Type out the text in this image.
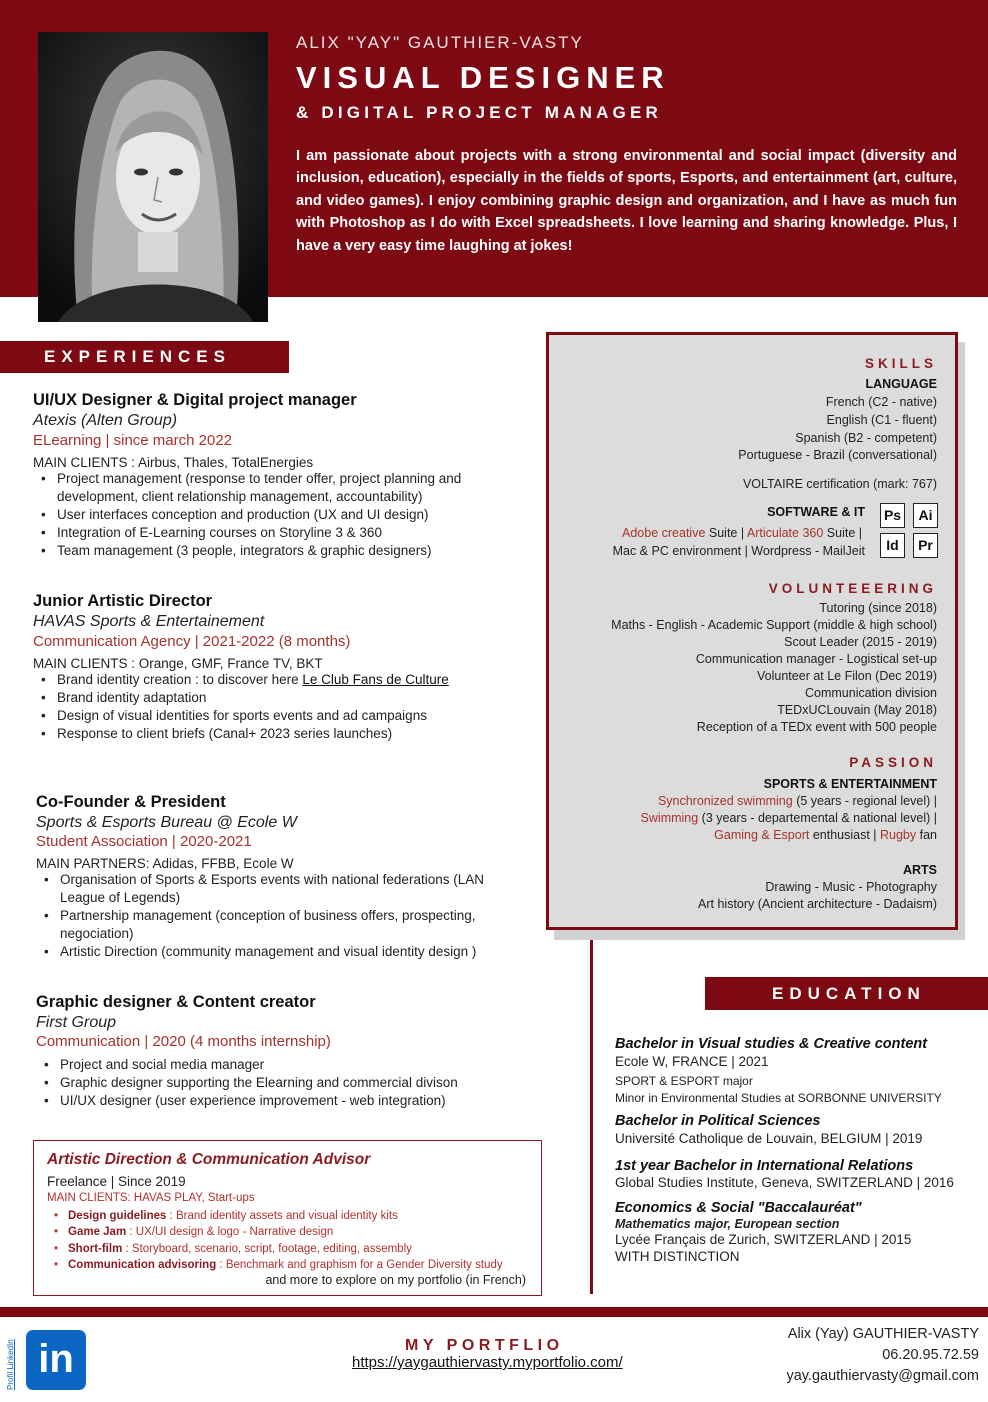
ALIX "YAY" GAUTHIER-VASTY
VISUAL DESIGNER
& DIGITAL PROJECT MANAGER
I am passionate about projects with a strong environmental and social impact (diversity and inclusion, education), especially in the fields of sports, Esports, and entertainment (art, culture, and video games). I enjoy combining graphic design and organization, and I have as much fun with Photoshop as I do with Excel spreadsheets. I love learning and sharing knowledge. Plus, I have a very easy time laughing at jokes!
EXPERIENCES
UI/UX Designer & Digital project manager
Atexis (Alten Group)
ELearning | since march 2022
MAIN CLIENTS : Airbus, Thales, TotalEnergies
• Project management (response to tender offer, project planning and development, client relationship management, accountability)
• User interfaces conception and production (UX and UI design)
• Integration of E-Learning courses on Storyline 3 & 360
• Team management (3 people, integrators & graphic designers)
Junior Artistic Director
HAVAS Sports & Entertainement
Communication Agency | 2021-2022 (8 months)
MAIN CLIENTS : Orange, GMF, France TV, BKT
• Brand identity creation : to discover here Le Club Fans de Culture
• Brand identity adaptation
• Design of visual identities for sports events and ad campaigns
• Response to client briefs (Canal+ 2023 series launches)
Co-Founder & President
Sports & Esports Bureau @ Ecole W
Student Association | 2020-2021
MAIN PARTNERS: Adidas, FFBB, Ecole W
• Organisation of Sports & Esports events with national federations (LAN League of Legends)
• Partnership management (conception of business offers, prospecting, negociation)
• Artistic Direction (community management and visual identity design )
Graphic designer & Content creator
First Group
Communication | 2020 (4 months internship)
• Project and social media manager
• Graphic designer supporting the Elearning and commercial divison
• UI/UX designer (user experience improvement - web integration)
Artistic Direction & Communication Advisor
Freelance | Since 2019
MAIN CLIENTS: HAVAS PLAY, Start-ups
• Design guidelines : Brand identity assets and visual identity kits
• Game Jam : UX/UI design & logo - Narrative design
• Short-film : Storyboard, scenario, script, footage, editing, assembly
• Communication advisoring : Benchmark and graphism for a Gender Diversity study
and more to explore on my portfolio (in French)
SKILLS
LANGUAGE
French (C2 - native)
English (C1 - fluent)
Spanish (B2 - competent)
Portuguese - Brazil (conversational)
VOLTAIRE certification (mark: 767)
SOFTWARE & IT
Adobe creative Suite | Articulate 360 Suite |
Mac & PC environment | Wordpress - MailJeit
Ps	Ai
Id	Pr
VOLUNTEEERING
Tutoring (since 2018)
Maths - English - Academic Support (middle & high school)
Scout Leader (2015 - 2019)
Communication manager - Logistical set-up
Volunteer at Le Filon (Dec 2019)
Communication division
TEDxUCLouvain (May 2018)
Reception of a TEDx event with 500 people
PASSION
SPORTS & ENTERTAINMENT
Synchronized swimming (5 years - regional level) |
Swimming (3 years - departemental & national level) |
Gaming & Esport enthusiast | Rugby fan
ARTS
Drawing - Music - Photography
Art history (Ancient architecture - Dadaism)
EDUCATION
Bachelor in Visual studies & Creative content
Ecole W, FRANCE | 2021
SPORT & ESPORT major
Minor in Environmental Studies at SORBONNE UNIVERSITY
Bachelor in Political Sciences
Université Catholique de Louvain, BELGIUM | 2019
1st year Bachelor in International Relations
Global Studies Institute, Geneva, SWITZERLAND | 2016
Economics & Social "Baccalauréat"
Mathematics major, European section
Lycée Français de Zurich, SWITZERLAND | 2015
WITH DISTINCTION
Profil LinkedIn in	MY PORTFLIO
https://yaygauthiervasty.myportfolio.com/
Alix (Yay) GAUTHIER-VASTY
06.20.95.72.59
yay.gauthiervasty@gmail.com
